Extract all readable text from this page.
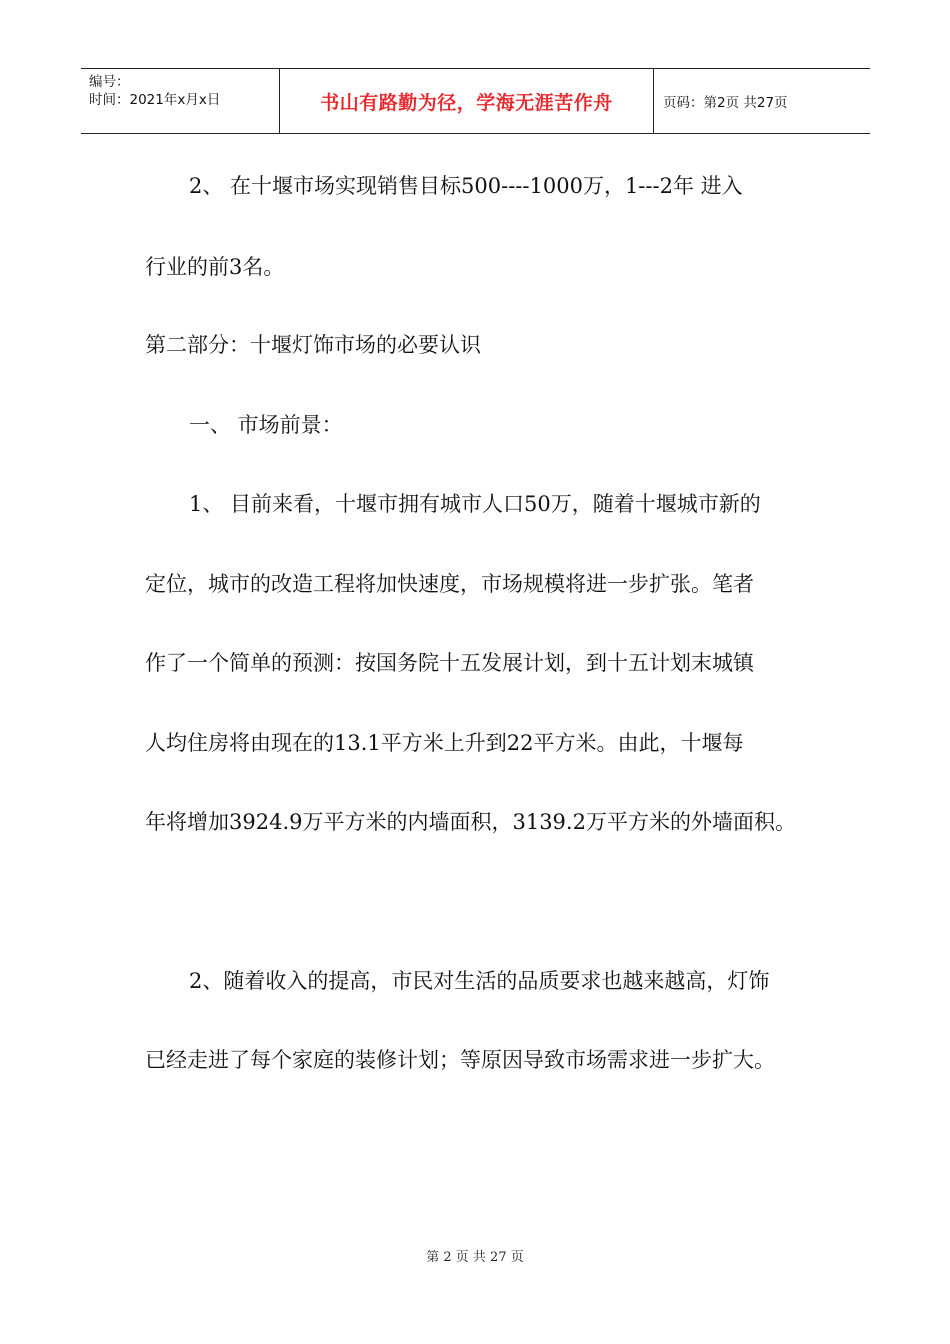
编号：
时间：2021年x月x日	书山有路勤为径，学海无涯苦作舟	页码：第2页 共27页
2、 在十堰市场实现销售目标500----1000万，1---2年 进入
行业的前3名。
第二部分：十堰灯饰市场的必要认识
一、 市场前景：
1、 目前来看，十堰市拥有城市人口50万，随着十堰城市新的
定位，城市的改造工程将加快速度，市场规模将进一步扩张。笔者
作了一个简单的预测：按国务院十五发展计划，到十五计划末城镇
人均住房将由现在的13.1平方米上升到22平方米。由此，十堰每
年将增加3924.9万平方米的内墙面积，3139.2万平方米的外墙面积。
2、随着收入的提高，市民对生活的品质要求也越来越高，灯饰
已经走进了每个家庭的装修计划；等原因导致市场需求进一步扩大。
第 2 页 共 27 页
